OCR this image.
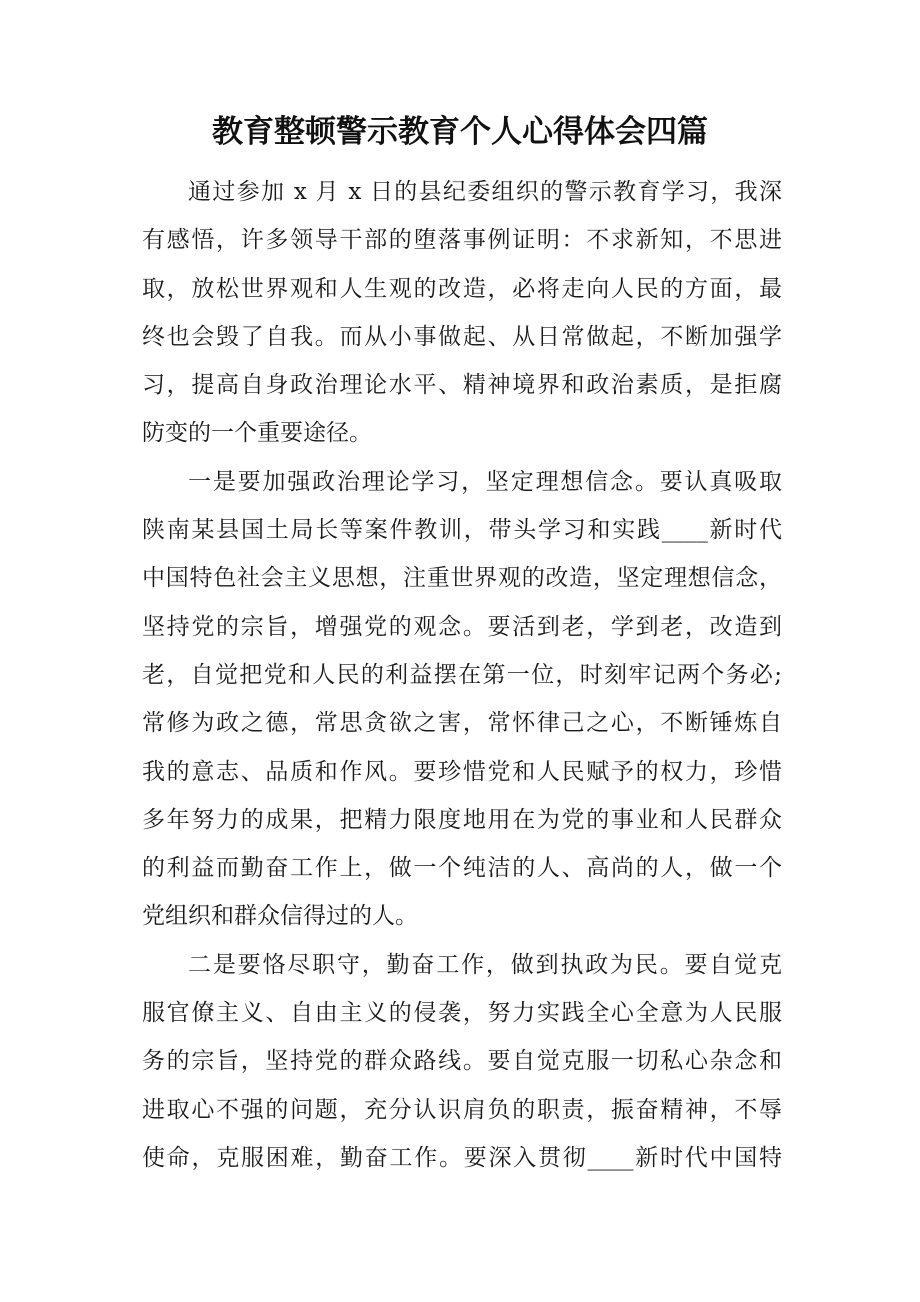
教育整顿警示教育个人心得体会四篇
通过参加 x 月 x 日的县纪委组织的警示教育学习，我深
有感悟，许多领导干部的堕落事例证明：不求新知，不思进
取，放松世界观和人生观的改造，必将走向人民的方面，最
终也会毁了自我。而从小事做起、从日常做起，不断加强学
习，提高自身政治理论水平、精神境界和政治素质，是拒腐
防变的一个重要途径。
一是要加强政治理论学习，坚定理想信念。要认真吸取
陕南某县国土局长等案件教训，带头学习和实践____新时代
中国特色社会主义思想，注重世界观的改造，坚定理想信念，
坚持党的宗旨，增强党的观念。要活到老，学到老，改造到
老，自觉把党和人民的利益摆在第一位，时刻牢记两个务必;
常修为政之德，常思贪欲之害，常怀律己之心，不断锤炼自
我的意志、品质和作风。要珍惜党和人民赋予的权力，珍惜
多年努力的成果，把精力限度地用在为党的事业和人民群众
的利益而勤奋工作上，做一个纯洁的人、高尚的人，做一个
党组织和群众信得过的人。
二是要恪尽职守，勤奋工作，做到执政为民。要自觉克
服官僚主义、自由主义的侵袭，努力实践全心全意为人民服
务的宗旨，坚持党的群众路线。要自觉克服一切私心杂念和
进取心不强的问题，充分认识肩负的职责，振奋精神，不辱
使命，克服困难，勤奋工作。要深入贯彻____新时代中国特
